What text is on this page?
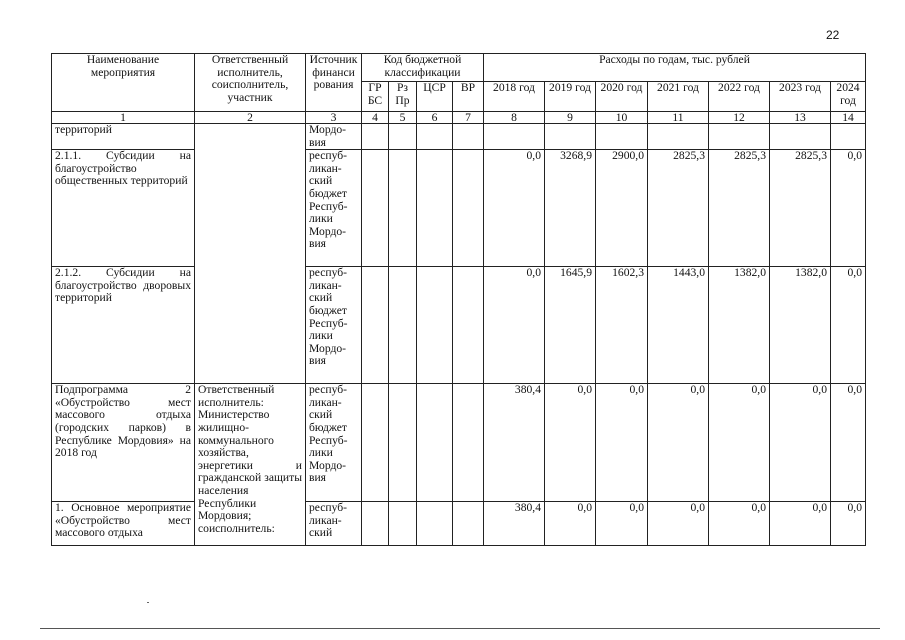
22
Наименование мероприятия	Ответственный исполнитель, соисполнитель, участник	Источник финанси рования	Код бюджетной классификации				Расходы по годам, тыс. рублей						
			ГР БС	Рз Пр	ЦСР	ВР	2018 год	2019 год	2020 год	2021 год	2022 год	2023 год	2024 год
1	2	3	4	5	6	7	8	9	10	11	12	13	14
территорий		Мордо-вия											
2.1.1. Субсидии на благоустройство общественных территорий		респуб-ликан-ский бюджет Респуб-лики Мордо-вия					0,0	3268,9	2900,0	2825,3	2825,3	2825,3	0,0
2.1.2. Субсидии на благоустройство дворовых территорий		респуб-ликан-ский бюджет Респуб-лики Мордо-вия					0,0	1645,9	1602,3	1443,0	1382,0	1382,0	0,0
Подпрограмма 2 «Обустройство мест массового отдыха (городских парков) в Республике Мордовия» на 2018 год	Ответственный исполнитель: Министерство жилищно-коммунального хозяйства, энергетики и гражданской защиты населения Республики Мордовия; соисполнитель:	респуб-ликан-ский бюджет Респуб-лики Мордо-вия					380,4	0,0	0,0	0,0	0,0	0,0	0,0
1. Основное мероприятие «Обустройство мест массового отдыха		респуб-ликан-ский					380,4	0,0	0,0	0,0	0,0	0,0	0,0
